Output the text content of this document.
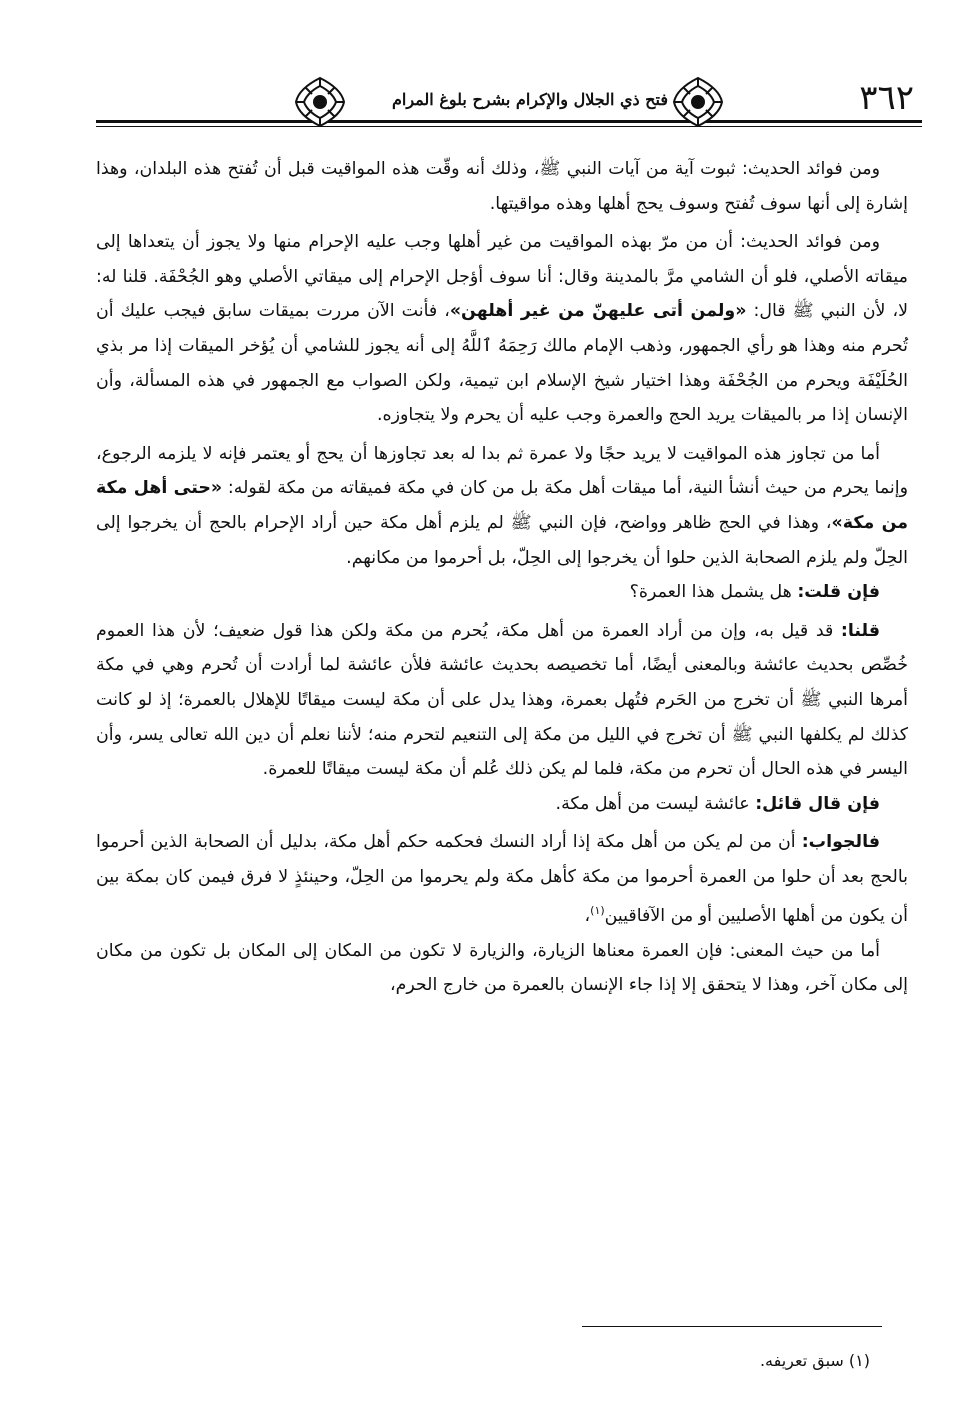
٣٦٢
فتح ذي الجلال والإكرام بشرح بلوغ المرام

ومن فوائد الحديث: ثبوت آية من آيات النبي ﷺ، وذلك أنه وقّت هذه المواقيت قبل أن تُفتح هذه البلدان، وهذا إشارة إلى أنها سوف تُفتح وسوف يحج أهلها وهذه مواقيتها.

ومن فوائد الحديث: أن من مرّ بهذه المواقيت من غير أهلها وجب عليه الإحرام منها ولا يجوز أن يتعداها إلى ميقاته الأصلي، فلو أن الشامي مرَّ بالمدينة وقال: أنا سوف أؤجل الإحرام إلى ميقاتي الأصلي وهو الجُحْفَة. قلنا له: لا، لأن النبي ﷺ قال: «ولمن أتى عليهنّ من غير أهلهن»، فأنت الآن مررت بميقات سابق فيجب عليك أن تُحرم منه وهذا هو رأي الجمهور، وذهب الإمام مالك رَحِمَهُ ٱللَّهُ إلى أنه يجوز للشامي أن يُؤخر الميقات إذا مر بذي الحُلَيْفَة ويحرم من الجُحْفَة وهذا اختيار شيخ الإسلام ابن تيمية، ولكن الصواب مع الجمهور في هذه المسألة، وأن الإنسان إذا مر بالميقات يريد الحج والعمرة وجب عليه أن يحرم ولا يتجاوزه.

أما من تجاوز هذه المواقيت لا يريد حجًا ولا عمرة ثم بدا له بعد تجاوزها أن يحج أو يعتمر فإنه لا يلزمه الرجوع، وإنما يحرم من حيث أنشأ النية، أما ميقات أهل مكة بل من كان في مكة فميقاته من مكة لقوله: «حتى أهل مكة من مكة»، وهذا في الحج ظاهر وواضح، فإن النبي ﷺ لم يلزم أهل مكة حين أراد الإحرام بالحج أن يخرجوا إلى الحِلّ ولم يلزم الصحابة الذين حلوا أن يخرجوا إلى الحِلّ، بل أحرموا من مكانهم.

فإن قلت: هل يشمل هذا العمرة؟

قلنا: قد قيل به، وإن من أراد العمرة من أهل مكة، يُحرم من مكة ولكن هذا قول ضعيف؛ لأن هذا العموم خُصِّص بحديث عائشة وبالمعنى أيضًا، أما تخصيصه بحديث عائشة فلأن عائشة لما أرادت أن تُحرم وهي في مكة أمرها النبي ﷺ أن تخرج من الحَرم فتُهل بعمرة، وهذا يدل على أن مكة ليست ميقاتًا للإهلال بالعمرة؛ إذ لو كانت كذلك لم يكلفها النبي ﷺ أن تخرج في الليل من مكة إلى التنعيم لتحرم منه؛ لأننا نعلم أن دين الله تعالى يسر، وأن اليسر في هذه الحال أن تحرم من مكة، فلما لم يكن ذلك عُلم أن مكة ليست ميقاتًا للعمرة.

فإن قال قائل: عائشة ليست من أهل مكة.

فالجواب: أن من لم يكن من أهل مكة إذا أراد النسك فحكمه حكم أهل مكة، بدليل أن الصحابة الذين أحرموا بالحج بعد أن حلوا من العمرة أحرموا من مكة كأهل مكة ولم يحرموا من الحِلّ، وحينئذٍ لا فرق فيمن كان بمكة بين أن يكون من أهلها الأصليين أو من الآفاقيين$^{(١)}$،

أما من حيث المعنى: فإن العمرة معناها الزيارة، والزيارة لا تكون من المكان إلى المكان بل تكون من مكان إلى مكان آخر، وهذا لا يتحقق إلا إذا جاء الإنسان بالعمرة من خارج الحرم،

(١) سبق تعريفه.
